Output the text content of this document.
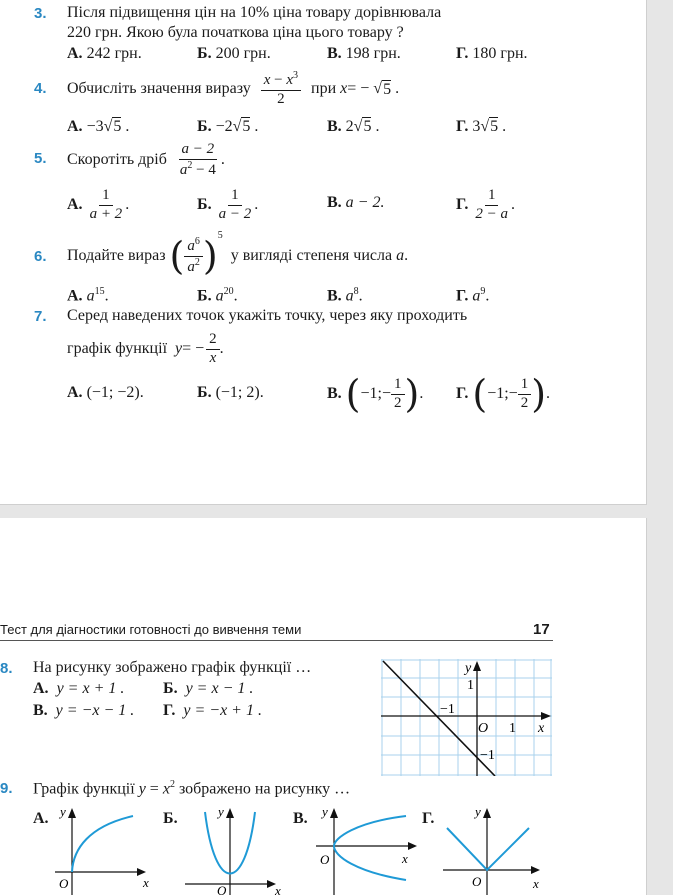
3. Після підвищення цін на 10% ціна товару дорівнювала
220 грн. Якою була початкова ціна цього товару ?
А. 242 грн.	Б. 200 грн.	В. 198 грн.	Г. 180 грн.
4. Обчисліть значення виразу $\frac{x - x^3}{2}$ при
x = −
√ 5
.
А. −3√5 .	Б. −2√5 .	В. 2√5 .	Г. 3√5 .
5. Скоротіть дріб $\frac{a - 2}{a^2 - 4}$ .
А.
$\frac{1}{a + 2}$ .	Б.
$\frac{1}{a - 2}$ .	В. a − 2.	Г.
$\frac{1}{2 - a}$ .
6. Подайте вираз
( $\frac{a^6}{a^2} )^5$

у вигляді степеня числа
a .
А. $a^{15}$.	Б. $a^{20}$.	В. $a^8$.	Г. $a^9$.
7. Серед наведених точок укажіть точку, через яку проходить
графік функції
y = − $\frac{2}{x}$ .
А. (−1; −2).	Б. (−1; 2).	В.
( −1;− $\frac{1}{2}$ ) . Г.
( −1;− $\frac{1}{2}$ ) .
Тест для діагностики готовності до вивчення теми	17
8. На рисунку зображено графік функції …
А. y = x + 1 . Б. y = x − 1 .
В. y = −x − 1 . Г. y = −x + 1 .
y
1
−1
O 1 x
−1
9. Графік функції $y = x^2$ зображено на рисунку …
А. y
O	x
Б.	y
O	x
В. y
O	x
Г.	y
O	x
